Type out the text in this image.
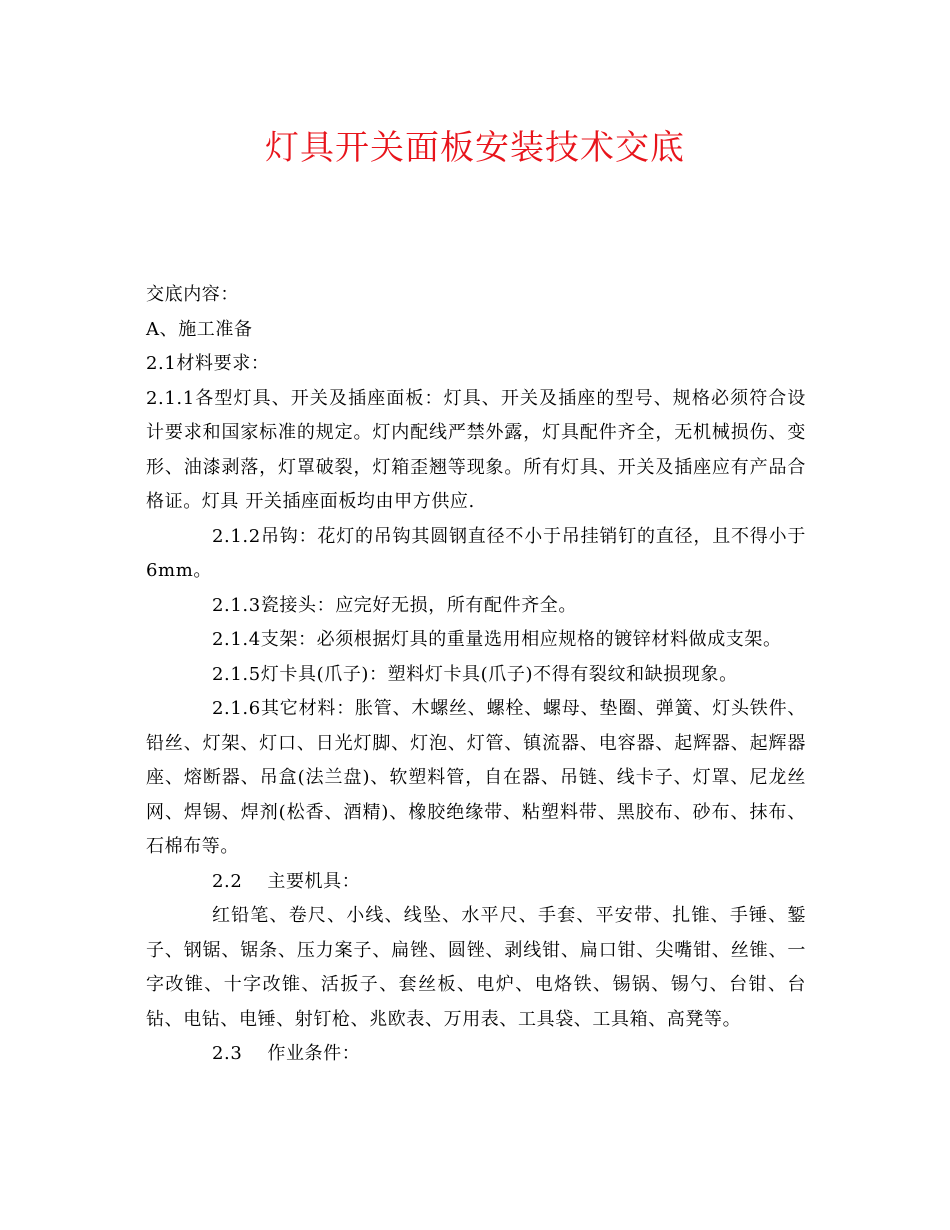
灯具开关面板安装技术交底

交底内容：

A、施工准备

2.1材料要求：

2.1.1各型灯具、开关及插座面板：灯具、开关及插座的型号、规格必须符合设计要求和国家标准的规定。灯内配线严禁外露，灯具配件齐全，无机械损伤、变形、油漆剥落，灯罩破裂，灯箱歪翘等现象。所有灯具、开关及插座应有产品合格证。灯具 开关插座面板均由甲方供应.

2.1.2吊钩：花灯的吊钩其圆钢直径不小于吊挂销钉的直径，且不得小于6mm。

2.1.3瓷接头：应完好无损，所有配件齐全。

2.1.4支架：必须根据灯具的重量选用相应规格的镀锌材料做成支架。

2.1.5灯卡具(爪子)：塑料灯卡具(爪子)不得有裂纹和缺损现象。

2.1.6其它材料：胀管、木螺丝、螺栓、螺母、垫圈、弹簧、灯头铁件、铅丝、灯架、灯口、日光灯脚、灯泡、灯管、镇流器、电容器、起辉器、起辉器座、熔断器、吊盒(法兰盘)、软塑料管，自在器、吊链、线卡子、灯罩、尼龙丝网、焊锡、焊剂(松香、酒精)、橡胶绝缘带、粘塑料带、黑胶布、砂布、抹布、石棉布等。

2.2　 主要机具：

红铅笔、卷尺、小线、线坠、水平尺、手套、平安带、扎锥、手锤、錾子、钢锯、锯条、压力案子、扁锉、圆锉、剥线钳、扁口钳、尖嘴钳、丝锥、一字改锥、十字改锥、活扳子、套丝板、电炉、电烙铁、锡锅、锡勺、台钳、台钻、电钻、电锤、射钉枪、兆欧表、万用表、工具袋、工具箱、高凳等。

2.3　 作业条件：
